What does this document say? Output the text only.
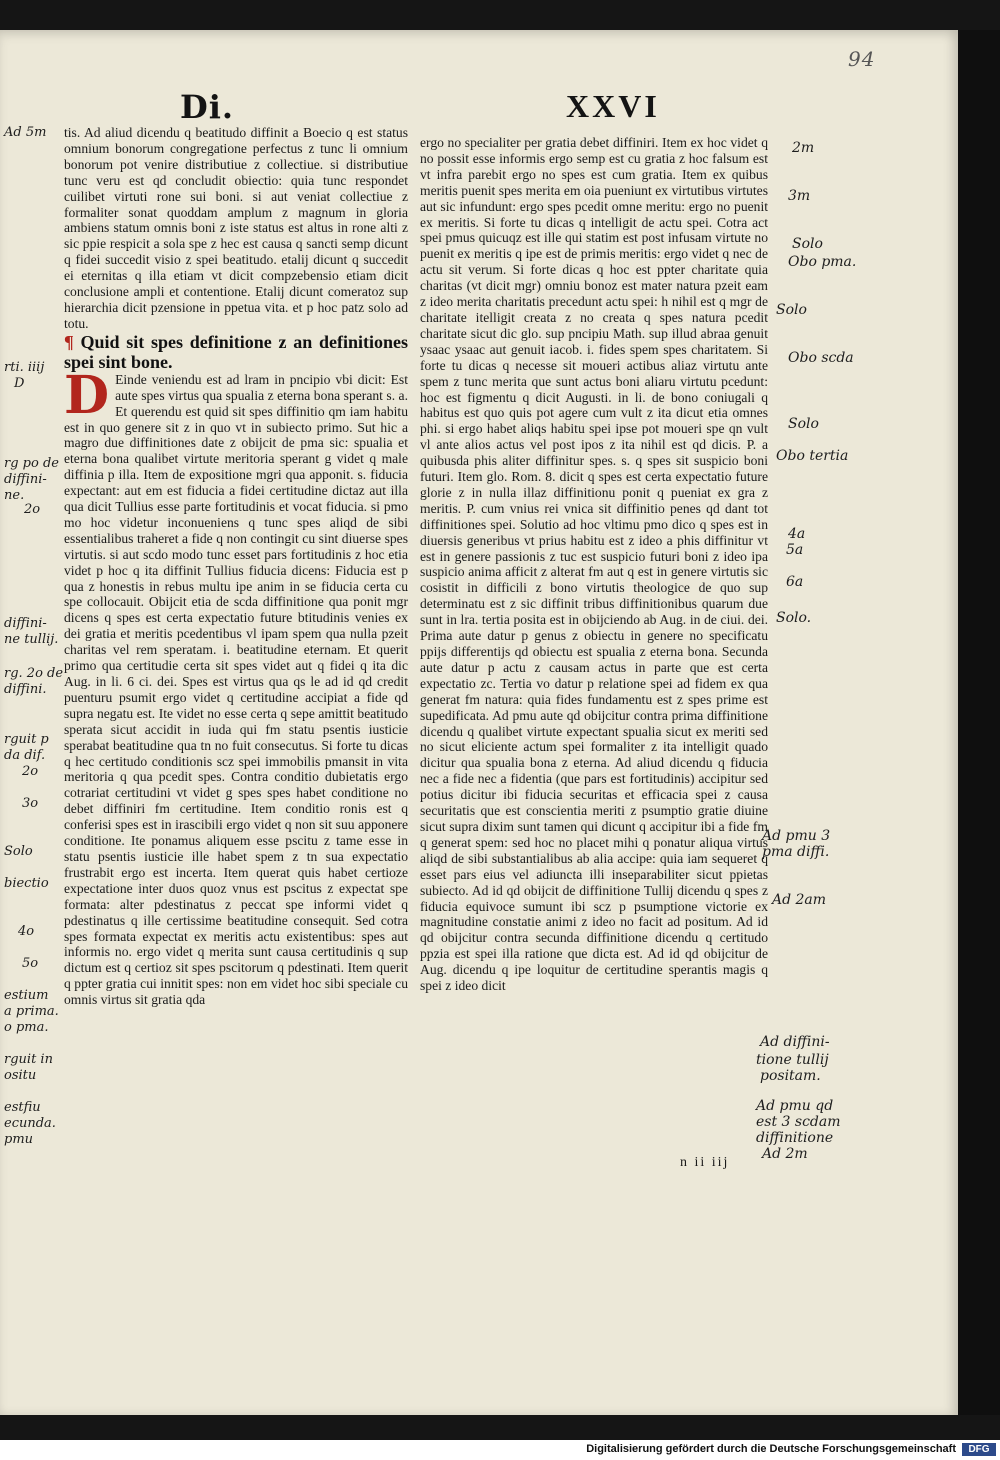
94
Di.	XXVI

tis. Ad aliud dicendu q beatitudo diffinit a Boecio q est status omnium bonorum congregatione perfectus z tunc li omnium bonorum pot venire distributiue z collectiue. si distributiue tunc veru est qd concludit obiectio: quia tunc respondet cuilibet virtuti rone sui boni. si aut veniat collectiue z formaliter sonat quoddam amplum z magnum in gloria ambiens statum omnis boni z iste status est altus in rone alti z sic ppie respicit a sola spe z hec est causa q sancti semp dicunt q fidei succedit visio z spei beatitudo. etalij dicunt q succedit ei eternitas q illa etiam vt dicit compzebensio etiam dicit conclusione ampli et contentione. Etalij dicunt comeratoz sup hierarchia dicit pzensione in ppetua vita. et p hoc patz solo ad totu.

¶ Quid sit spes definitione z an definitiones spei sint bone.

D Einde veniendu est ad lram in pncipio vbi dicit: Est aute spes virtus qua spualia z eterna bona sperant s. a. Et querendu est quid sit spes diffinitio qm iam habitu est in quo genere sit z in quo vt in subiecto primo. Sut hic a magro due diffinitiones date z obijcit de pma sic: spualia et eterna bona qualibet virtute meritoria sperant g videt q male diffinia p illa. Item de expositione mgri qua apponit. s. fiducia expectant: aut em est fiducia a fidei certitudine dictaz aut illa qua dicit Tullius esse parte fortitudinis et vocat fiducia. si pmo mo hoc videtur inconueniens q tunc spes aliqd de sibi essentialibus traheret a fide q non contingit cu sint diuerse spes virtutis. si aut scdo modo tunc esset pars fortitudinis z hoc etia videt p hoc q ita diffinit Tullius fiducia dicens: Fiducia est p qua z honestis in rebus multu ipe anim in se fiducia certa cu spe collocauit. Obijcit etia de scda diffinitione qua ponit mgr dicens q spes est certa expectatio future btitudinis venies ex dei gratia et meritis pcedentibus vl ipam spem qua nulla pzeit charitas vel rem speratam. i. beatitudine eternam. Et querit primo qua certitudie certa sit spes videt aut q fidei q ita dic Aug. in li. 6 ci. dei. Spes est virtus qua qs le ad id qd credit puenturu psumit ergo videt q certitudine accipiat a fide qd supra negatu est. Ite videt no esse certa q sepe amittit beatitudo sperata sicut accidit in iuda qui fm statu psentis iusticie sperabat beatitudine qua tn no fuit consecutus. Si forte tu dicas q hec certitudo conditionis scz spei immobilis pmansit in vita meritoria q qua pcedit spes. Contra conditio dubietatis ergo cotrariat certitudini vt videt g spes spes habet conditione no debet diffiniri fm certitudine. Item conditio ronis est q conferisi spes est in irascibili ergo videt q non sit suu apponere conditione. Ite ponamus aliquem esse pscitu z tame esse in statu psentis iusticie ille habet spem z tn sua expectatio frustrabit ergo est incerta. Item querat quis habet certioze expectatione inter duos quoz vnus est pscitus z expectat spe formata: alter pdestinatus z peccat spe informi videt q pdestinatus q ille certissime beatitudine consequit. Sed cotra spes formata expectat ex meritis actu existentibus: spes aut informis no. ergo videt q merita sunt causa certitudinis q sup dictum est q certioz sit spes pscitorum q pdestinati. Item querit q ppter gratia cui innitit spes: non em videt hoc sibi speciale cu omnis virtus sit gratia qda

ergo no specialiter per gratia debet diffiniri. Item ex hoc videt q no possit esse informis ergo semp est cu gratia z hoc falsum est vt infra parebit ergo no spes est cum gratia. Item ex quibus meritis puenit spes merita em oia pueniunt ex virtutibus virtutes aut sic infundunt: ergo spes pcedit omne meritu: ergo no puenit ex meritis. Si forte tu dicas q intelligit de actu spei. Cotra act spei pmus quicuqz est ille qui statim est post infusam virtute no puenit ex meritis q ipe est de primis meritis: ergo videt q nec de actu sit verum. Si forte dicas q hoc est ppter charitate quia charitas (vt dicit mgr) omniu bonoz est mater natura pzeit eam z ideo merita charitatis precedunt actu spei: h nihil est q mgr de charitate itelligit creata z no creata q spes natura pcedit charitate sicut dic glo. sup pncipiu Math. sup illud abraa genuit ysaac ysaac aut genuit iacob. i. fides spem spes charitatem. Si forte tu dicas q necesse sit moueri actibus aliaz virtutu ante spem z tunc merita que sunt actus boni aliaru virtutu pcedunt: hoc est figmentu q dicit Augusti. in li. de bono coniugali q habitus est quo quis pot agere cum vult z ita dicut etia omnes phi. si ergo habet aliqs habitu spei ipse pot moueri spe qn vult vl ante alios actus vel post ipos z ita nihil est qd dicis. P. a quibusda phis aliter diffinitur spes. s. q spes sit suspicio boni futuri. Item glo. Rom. 8. dicit q spes est certa expectatio future glorie z in nulla illaz diffinitionu ponit q pueniat ex gra z meritis. P. cum vnius rei vnica sit diffinitio penes qd dant tot diffinitiones spei. Solutio ad hoc vltimu pmo dico q spes est in diuersis generibus vt prius habitu est z ideo a phis diffinitur vt est in genere passionis z tuc est suspicio futuri boni z ideo ipa suspicio anima afficit z alterat fm aut q est in genere virtutis sic cosistit in difficili z bono virtutis theologice de quo sup determinatu est z sic diffinit tribus diffinitionibus quarum due sunt in lra. tertia posita est in obijciendo ab Aug. in de ciui. dei. Prima aute datur p genus z obiectu in genere no specificatu ppijs differentijs qd obiectu est spualia z eterna bona. Secunda aute datur p actu z causam actus in parte que est certa expectatio zc. Tertia vo datur p relatione spei ad fidem ex qua generat fm natura: quia fides fundamentu est z spes prime est supedificata. Ad pmu aute qd obijcitur contra prima diffinitione dicendu q qualibet virtute expectant spualia sicut ex meriti sed no sicut eliciente actum spei formaliter z ita intelligit quado dicitur qua spualia bona z eterna. Ad aliud dicendu q fiducia nec a fide nec a fidentia (que pars est fortitudinis) accipitur sed potius dicitur ibi fiducia securitas et efficacia spei z causa securitatis que est conscientia meriti z psumptio gratie diuine sicut supra dixim sunt tamen qui dicunt q accipitur ibi a fide fm q generat spem: sed hoc no placet mihi q ponatur aliqua virtus aliqd de sibi substantialibus ab alia accipe: quia iam sequeret q esset pars eius vel adiuncta illi inseparabiliter sicut ppietas subiecto. Ad id qd obijcit de diffinitione Tullij dicendu q spes z fiducia equivoce sumunt ibi scz p psumptione victorie ex magnitudine constatie animi z ideo no facit ad positum. Ad id qd obijcitur contra secunda diffinitione dicendu q certitudo ppzia est spei illa ratione que dicta est. Ad id qd obijcitur de Aug. dicendu q ipe loquitur de certitudine sperantis magis q spei z ideo dicit

n ii iij
Ad 5m
rti. iiij
D
rg po de
diffini-
ne.
2o
diffini-
ne tullij.
rg. 2o de
diffini.
rguit p
da dif.
2o
3o
Solo
biectio
4o
5o
estium
a prima.
o pma.
rguit in
ositu
estfiu
ecunda.
pmu
2m
3m
Solo
Obo pma.
Solo
Obo scda
Solo
Obo tertia
4a
5a
6a
Solo.
Ad pmu 3
pma diffi.
Ad 2am
Ad diffini-
tione tullij
positam.
Ad pmu qd
est 3 scdam
diffinitione
Ad 2m
Digitalisierung gefördert durch die Deutsche Forschungsgemeinschaft	DFG
